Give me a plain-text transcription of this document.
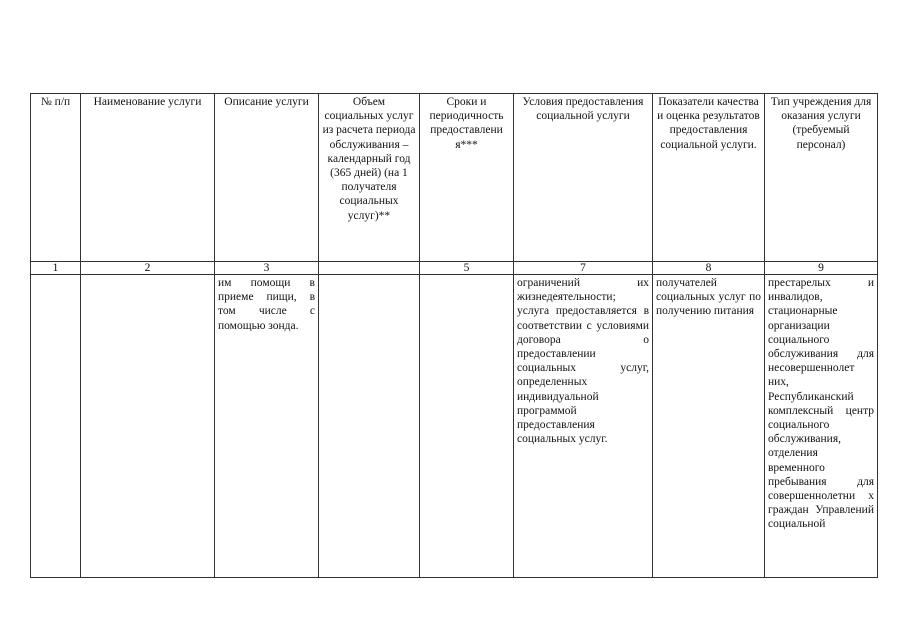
№ п/п	Наименование услуги	Описание услуги	Объем социальных услуг из расчета периода обслуживания – календарный год (365 дней) (на 1 получателя социальных услуг)**	Сроки и периодичность предоставлени я***	Условия предоставления социальной услуги	Показатели качества и оценка результатов предоставления социальной услуги.	Тип учреждения для оказания услуги (требуемый персонал)
1	2	3		5	7	8	9
		им помощи в приеме пищи, в том числе с помощью зонда.			ограничений их жизнедеятельности; услуга предоставляется в соответствии с условиями договора о предоставлении социальных услуг, определенных индивидуальной программой предоставления социальных услуг.	получателей социальных услуг по получению питания	престарелых и инвалидов, стационарные организации социального обслуживания для несовершеннолет них, Республиканский комплексный центр социального обслуживания, отделения временного пребывания для совершеннолетни х граждан Управлений социальной
